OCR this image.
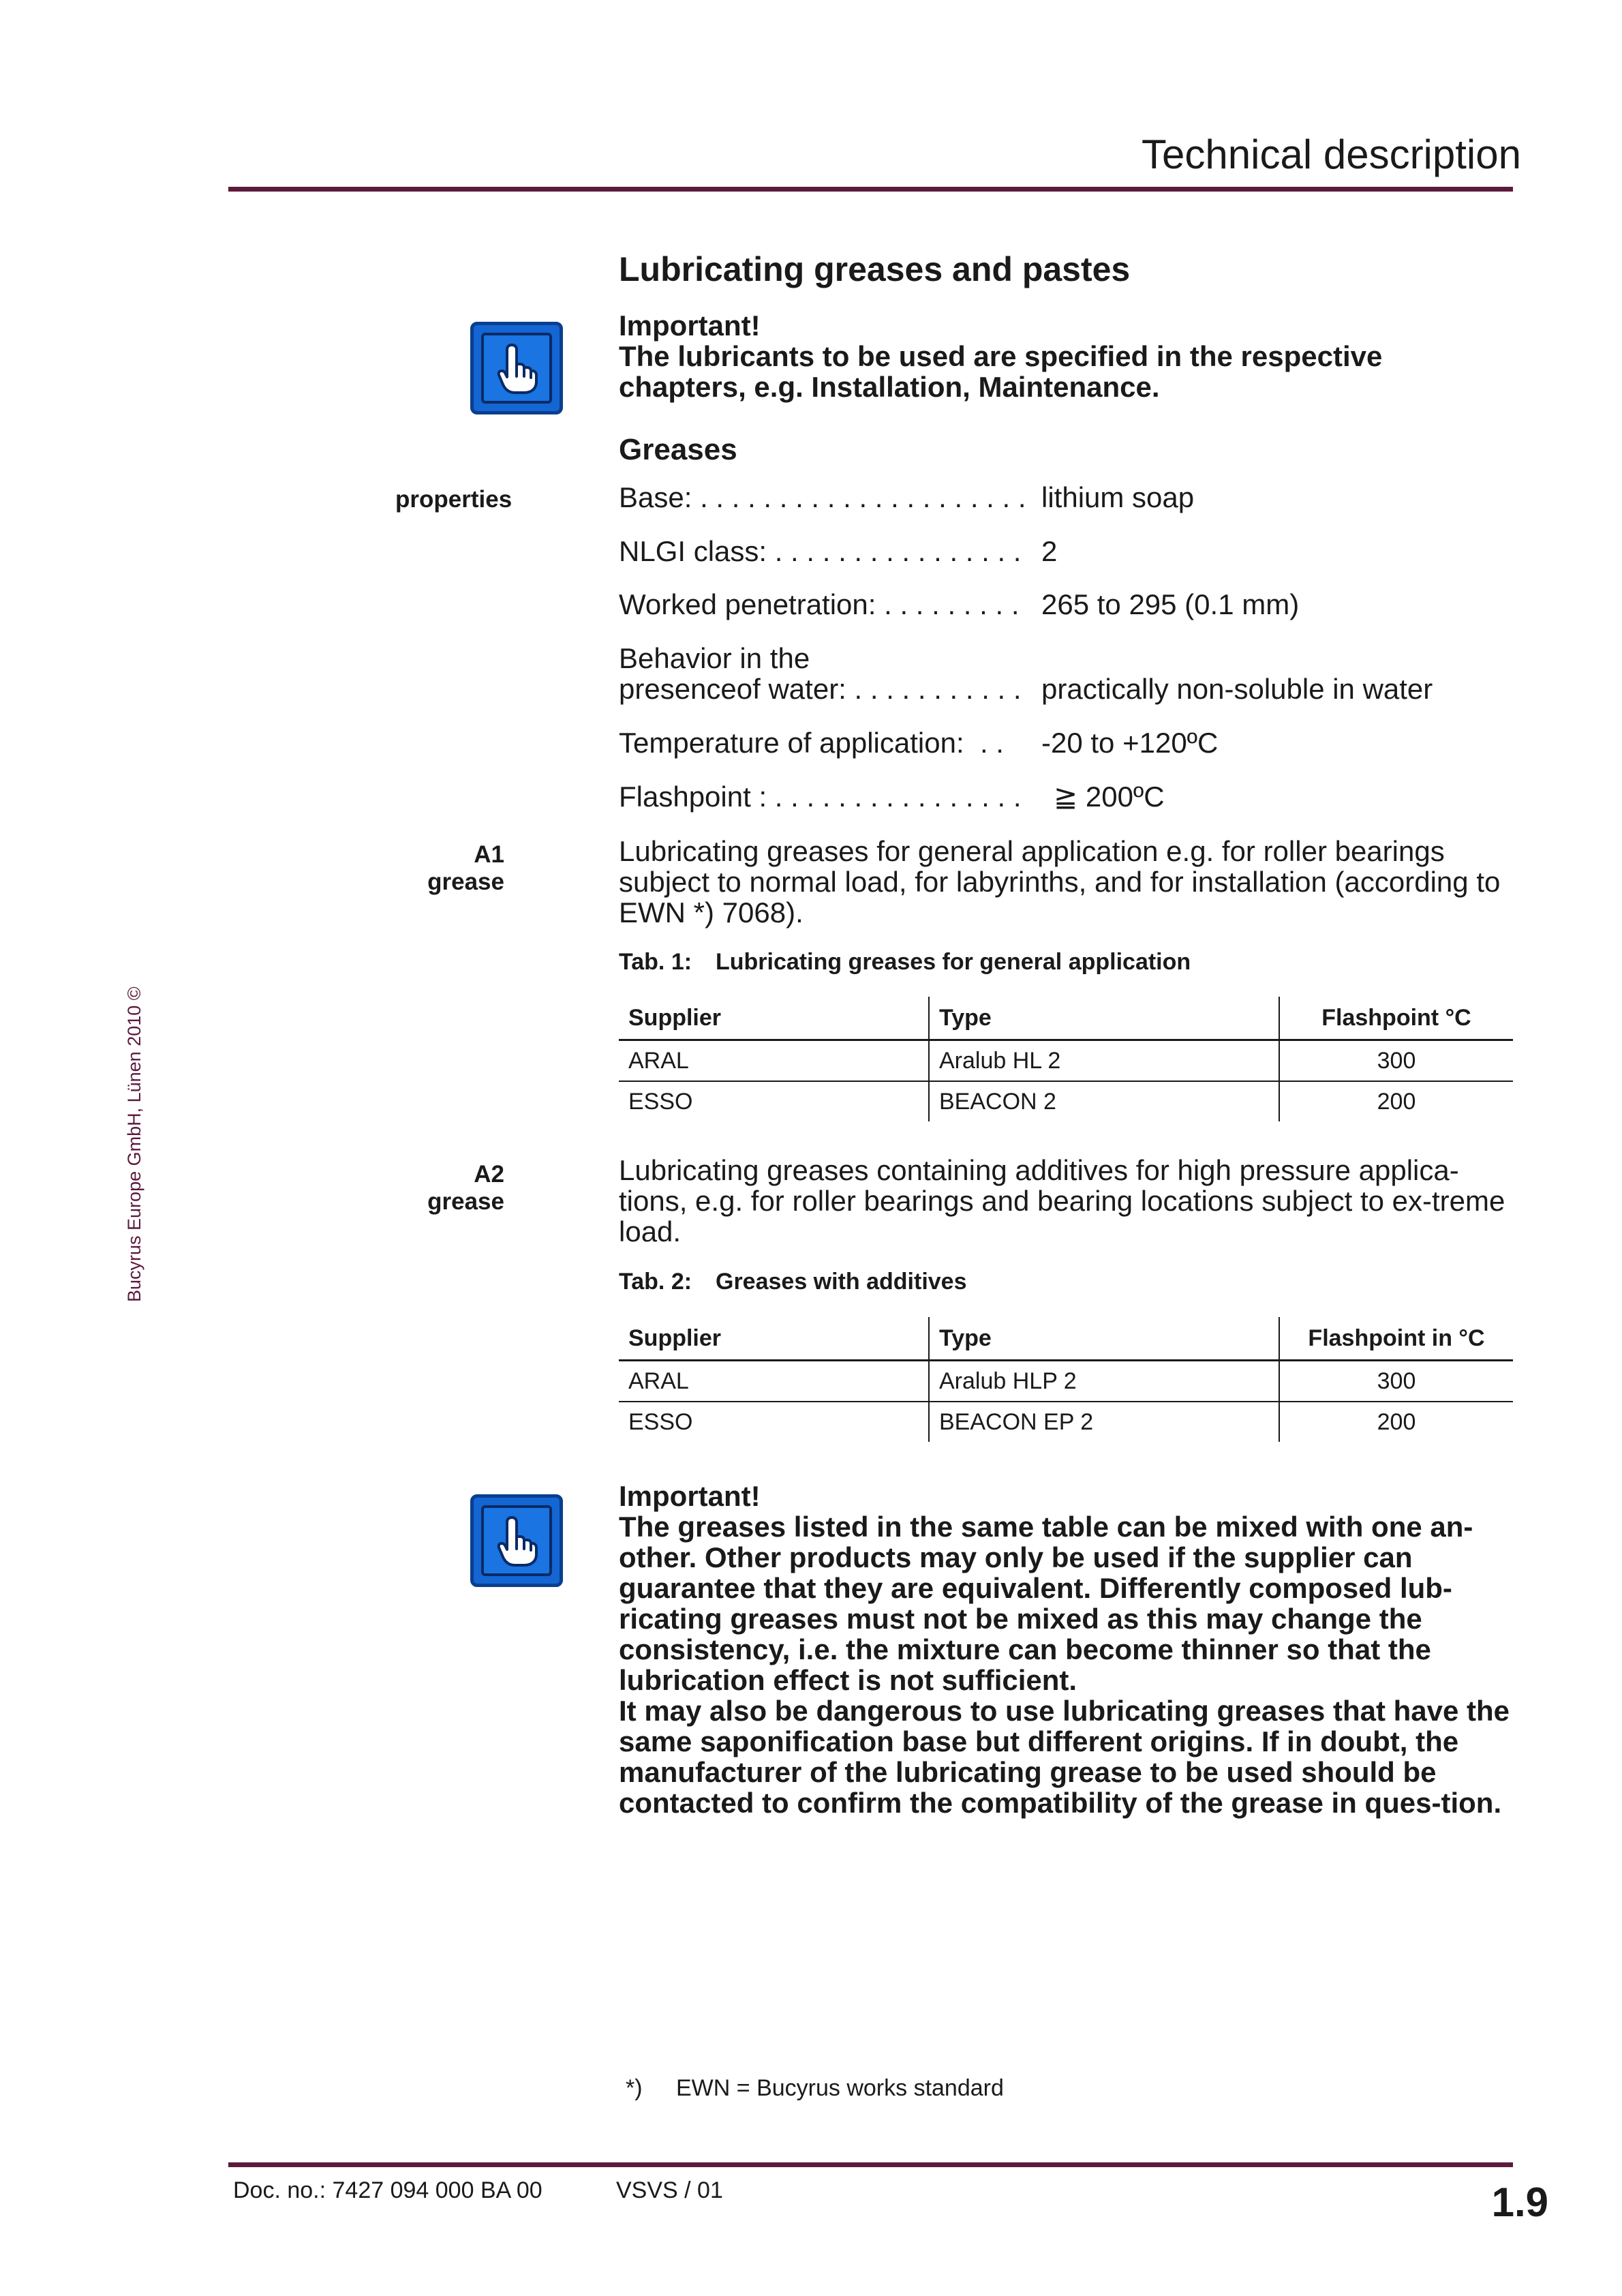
Technical description
Bucyrus Europe GmbH, Lünen 2010 ©
Lubricating greases and pastes
Important!
The lubricants to be used are specified in the respective chapters, e.g. Installation, Maintenance.
Greases
properties	Base: . . . . . . . . . . . . . . . . . . . . . lithium soap
NLGI class: . . . . . . . . . . . . . . . . 2
Worked penetration: . . . . . . . . . 265 to 295 (0.1 mm)
Behavior in the
presenceof water: . . . . . . . . . . . practically non-soluble in water
Temperature of application:  . .	-20 to +120ºC
Flashpoint : . . . . . . . . . . . . . . . .	≧ 200ºC
A1 grease
Lubricating greases for general application e.g. for roller bearings subject to normal load, for labyrinths, and for installation (according to EWN *) 7068).
Tab. 1: Lubricating greases for general application
Supplier	Type	Flashpoint °C
ARAL	Aralub HL 2	300
ESSO	BEACON 2	200
A2 grease
Lubricating greases containing additives for high pressure applica-tions, e.g. for roller bearings and bearing locations subject to ex-treme load.
Tab. 2: Greases with additives
Supplier	Type	Flashpoint in °C
ARAL	Aralub HLP 2	300
ESSO	BEACON EP 2	200
Important!
The greases listed in the same table can be mixed with one an-other. Other products may only be used if the supplier can guarantee that they are equivalent. Differently composed lub-ricating greases must not be mixed as this may change the consistency, i.e. the mixture can become thinner so that the lubrication effect is not sufficient.
It may also be dangerous to use lubricating greases that have the same saponification base but different origins. If in doubt, the manufacturer of the lubricating grease to be used should be contacted to confirm the compatibility of the grease in ques-tion.
*) EWN = Bucyrus works standard
Doc. no.: 7427 094 000 BA 00	VSVS / 01	1.9
